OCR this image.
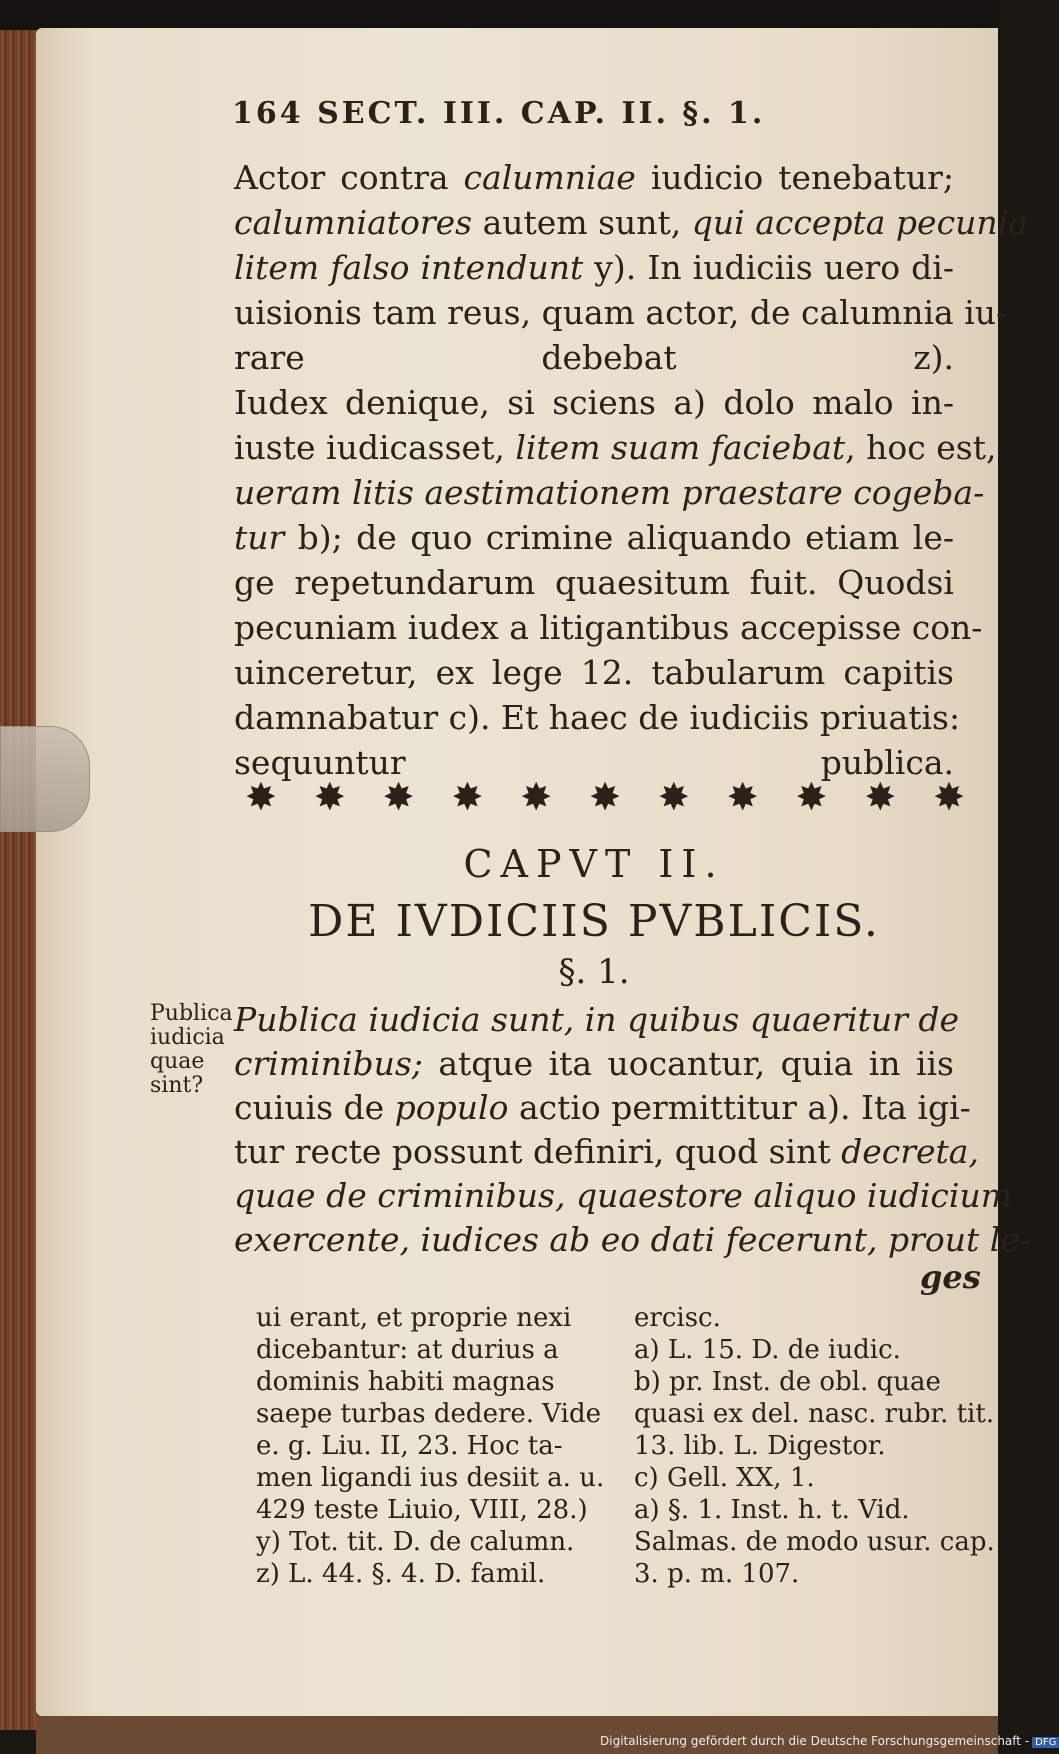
164 SECT. III. CAP. II. §. 1.
Actor contra calumniae iudicio tenebatur;
calumniatores autem sunt, qui accepta pecunia
litem falso intendunt y). In iudiciis uero di-
uisionis tam reus, quam actor, de calumnia iu-
rare debebat z).
Iudex denique, si sciens a) dolo malo in-
iuste iudicasset, litem suam faciebat, hoc est,
ueram litis aestimationem praestare cogeba-
tur b); de quo crimine aliquando etiam le-
ge repetundarum quaesitum fuit. Quodsi
pecuniam iudex a litigantibus accepisse con-
uinceretur, ex lege 12. tabularum capitis
damnabatur c). Et haec de iudiciis priuatis:
sequuntur publica.
✸ ✸ ✸ ✸ ✸ ✸ ✸ ✸ ✸ ✸ ✸
CAPVT II.
DE IVDICIIS PVBLICIS.
§. 1.
Publica
iudicia
quae
sint?
Publica iudicia sunt, in quibus quaeritur de
criminibus; atque ita uocantur, quia in iis
cuiuis de populo actio permittitur a). Ita igi-
tur recte possunt definiri, quod sint decreta,
quae de criminibus, quaestore aliquo iudicium
exercente, iudices ab eo dati fecerunt, prout le-
ges
ui erant, et proprie nexi
dicebantur: at durius a
dominis habiti magnas
saepe turbas dedere. Vide
e. g. Liu. II, 23. Hoc ta-
men ligandi ius desiit a. u.
429 teste Liuio, VIII, 28.)
y) Tot. tit. D. de calumn.
z) L. 44. §. 4. D. famil.
ercisc.
a) L. 15. D. de iudic.
b) pr. Inst. de obl. quae
quasi ex del. nasc. rubr. tit.
13. lib. L. Digestor.
c) Gell. XX, 1.
a) §. 1. Inst. h. t. Vid.
Salmas. de modo usur. cap.
3. p. m. 107.
Digitalisierung gefördert durch die Deutsche Forschungsgemeinschaft - DFG
